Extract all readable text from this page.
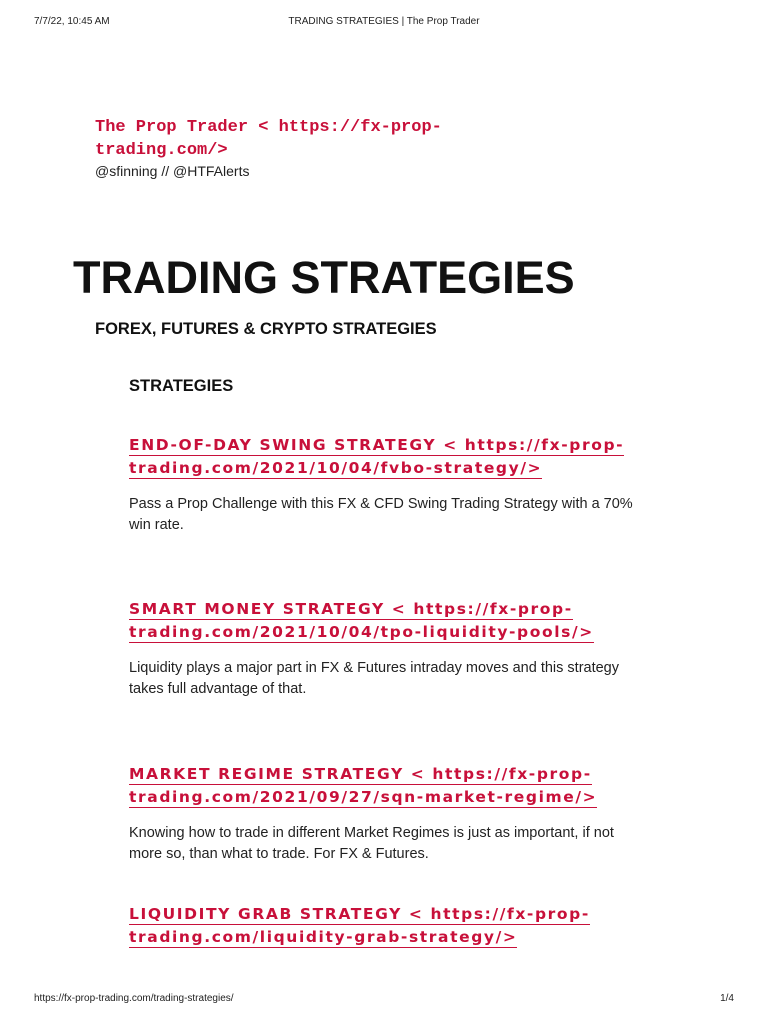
7/7/22, 10:45 AM	TRADING STRATEGIES | The Prop Trader
The Prop Trader < https://fx-prop-trading.com/>
@sfinning // @HTFAlerts
TRADING STRATEGIES
FOREX, FUTURES & CRYPTO STRATEGIES
STRATEGIES
END-OF-DAY SWING STRATEGY < https://fx-prop-trading.com/2021/10/04/fvbo-strategy/>

Pass a Prop Challenge with this FX & CFD Swing Trading Strategy with a 70% win rate.

SMART MONEY STRATEGY < https://fx-prop-trading.com/2021/10/04/tpo-liquidity-pools/>

Liquidity plays a major part in FX & Futures intraday moves and this strategy takes full advantage of that.

MARKET REGIME STRATEGY < https://fx-prop-trading.com/2021/09/27/sqn-market-regime/>

Knowing how to trade in different Market Regimes is just as important, if not more so, than what to trade. For FX & Futures.

LIQUIDITY GRAB STRATEGY < https://fx-prop-trading.com/liquidity-grab-strategy/>
https://fx-prop-trading.com/trading-strategies/	1/4
